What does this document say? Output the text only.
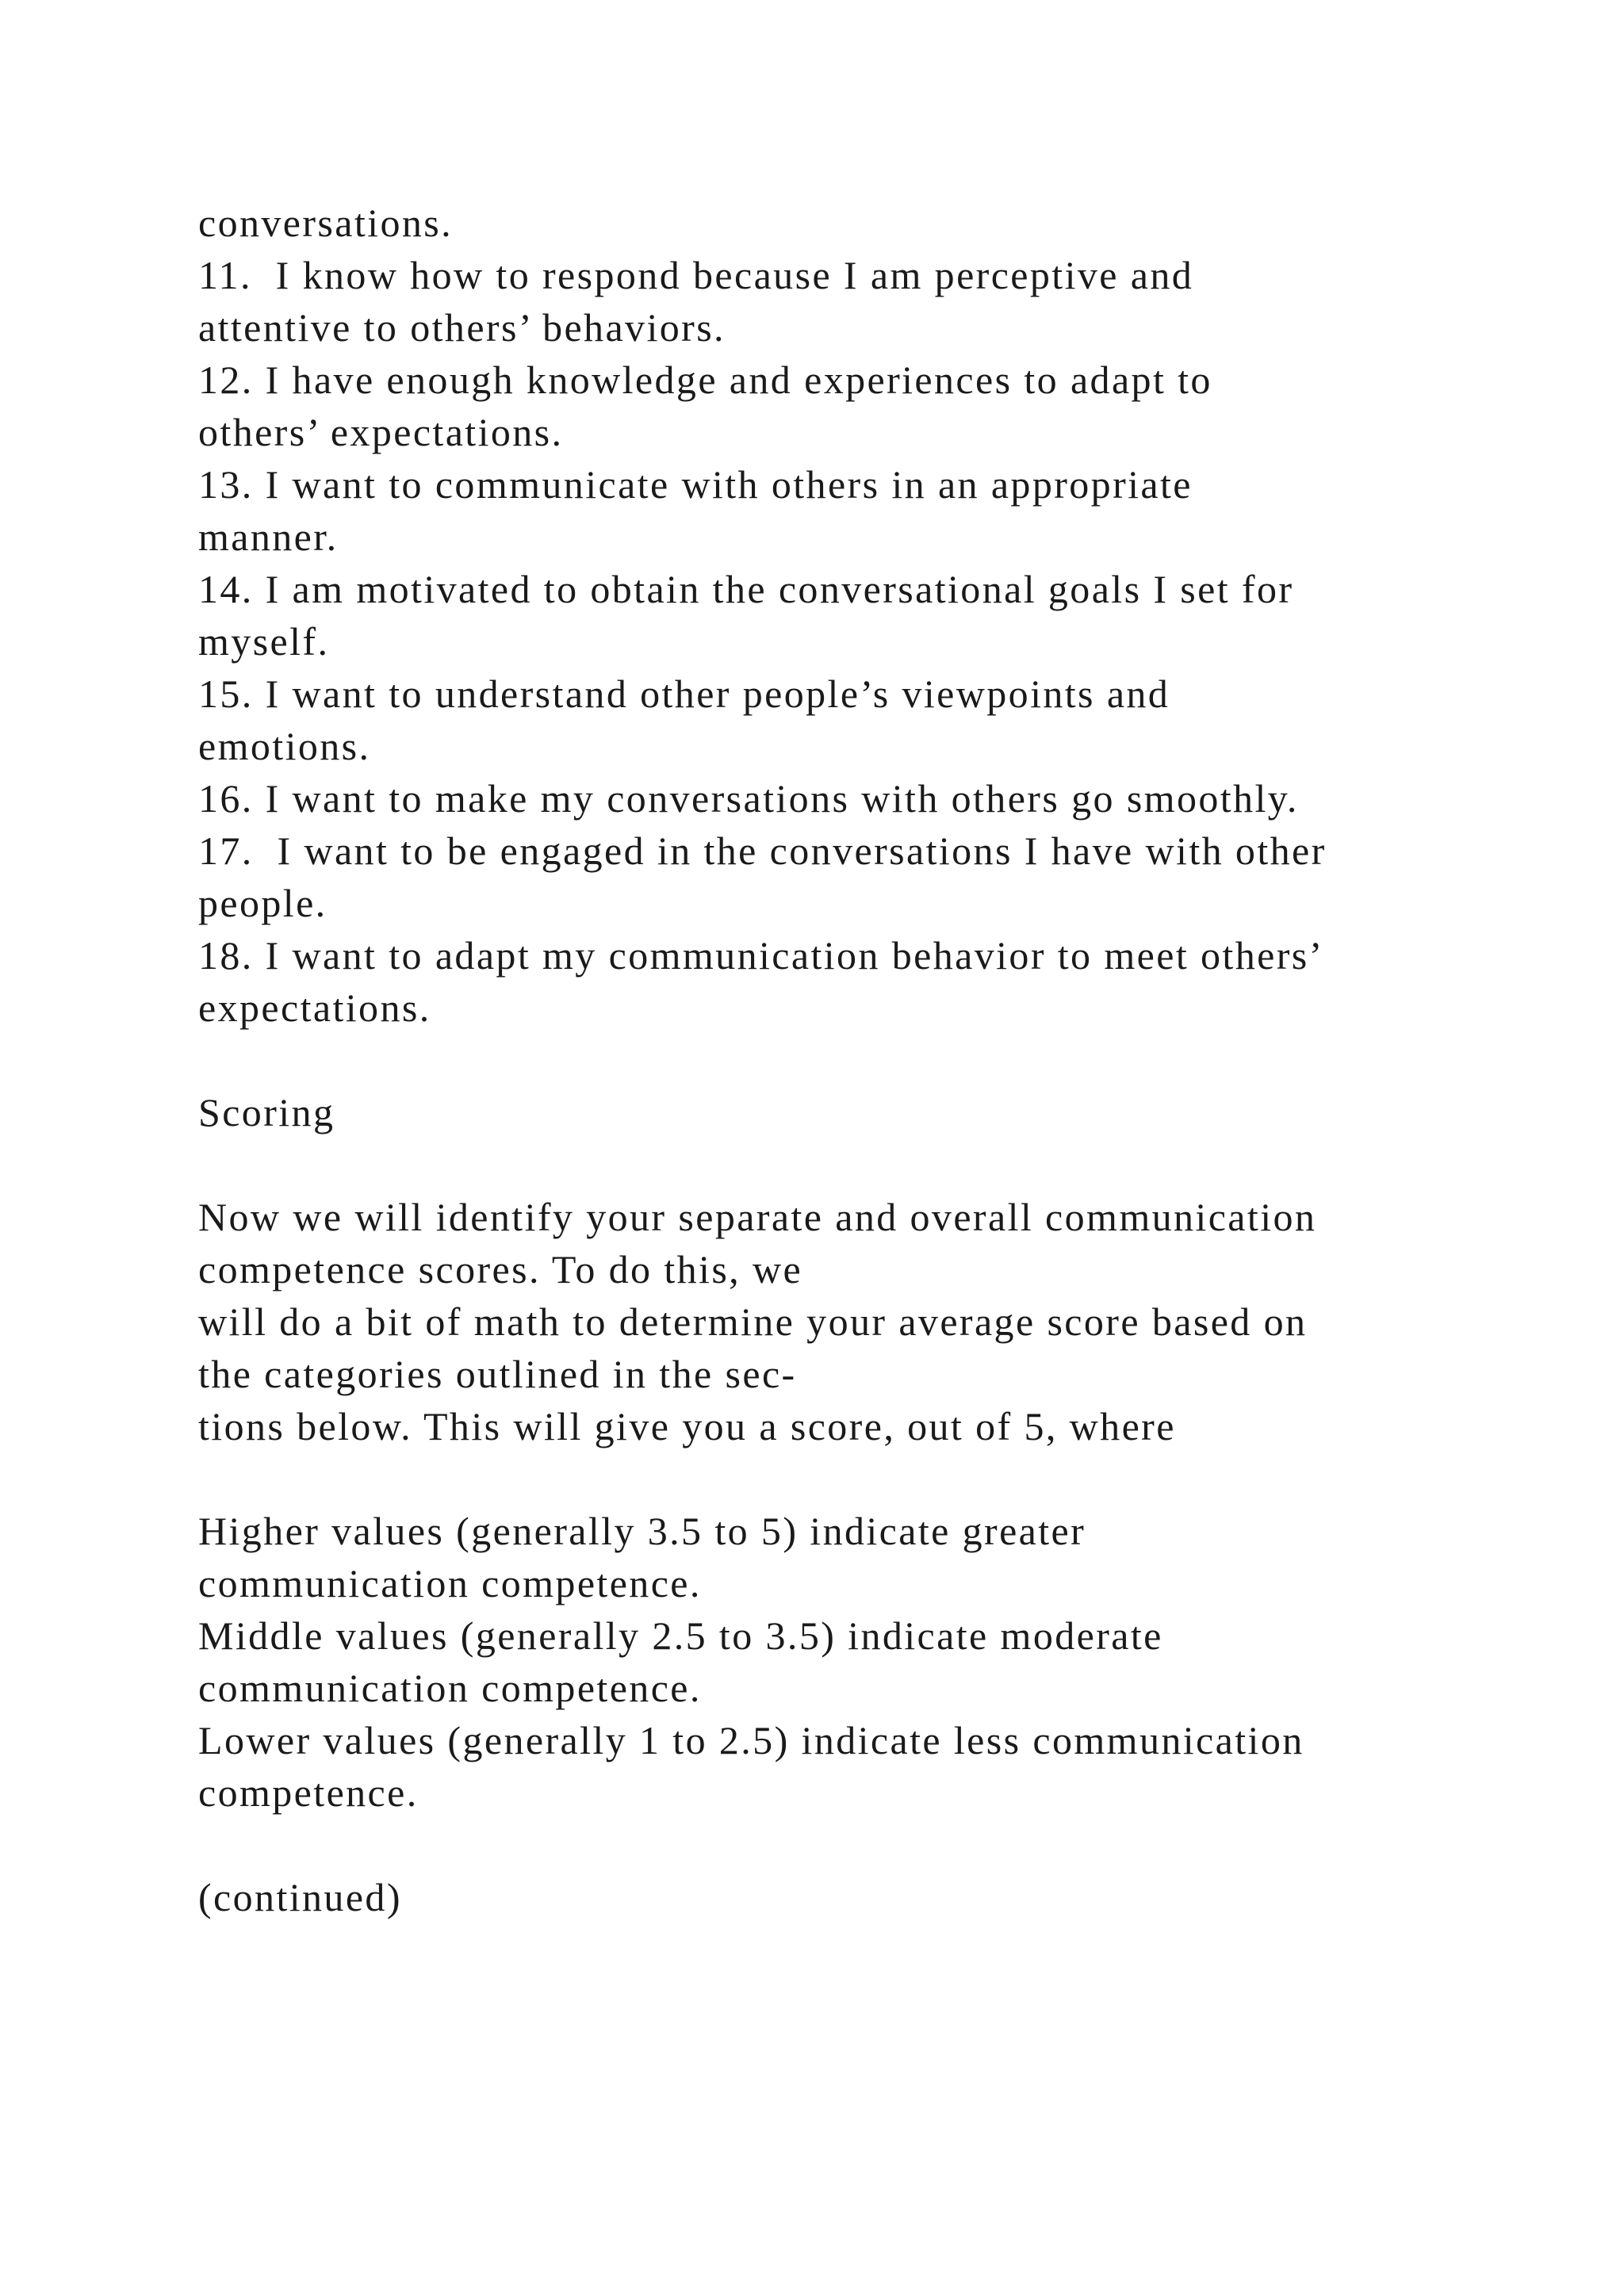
conversations.
11.  I know how to respond because I am perceptive and
attentive to others’ behaviors.
12. I have enough knowledge and experiences to adapt to
others’ expectations.
13. I want to communicate with others in an appropriate
manner.
14. I am motivated to obtain the conversational goals I set for
myself.
15. I want to understand other people’s viewpoints and
emotions.
16. I want to make my conversations with others go smoothly.
17.  I want to be engaged in the conversations I have with other
people.
18. I want to adapt my communication behavior to meet others’
expectations.
Scoring
Now we will identify your separate and overall communication
competence scores. To do this, we
will do a bit of math to determine your average score based on
the categories outlined in the sec-
tions below. This will give you a score, out of 5, where
Higher values (generally 3.5 to 5) indicate greater
communication competence.
Middle values (generally 2.5 to 3.5) indicate moderate
communication competence.
Lower values (generally 1 to 2.5) indicate less communication
competence.
(continued)
